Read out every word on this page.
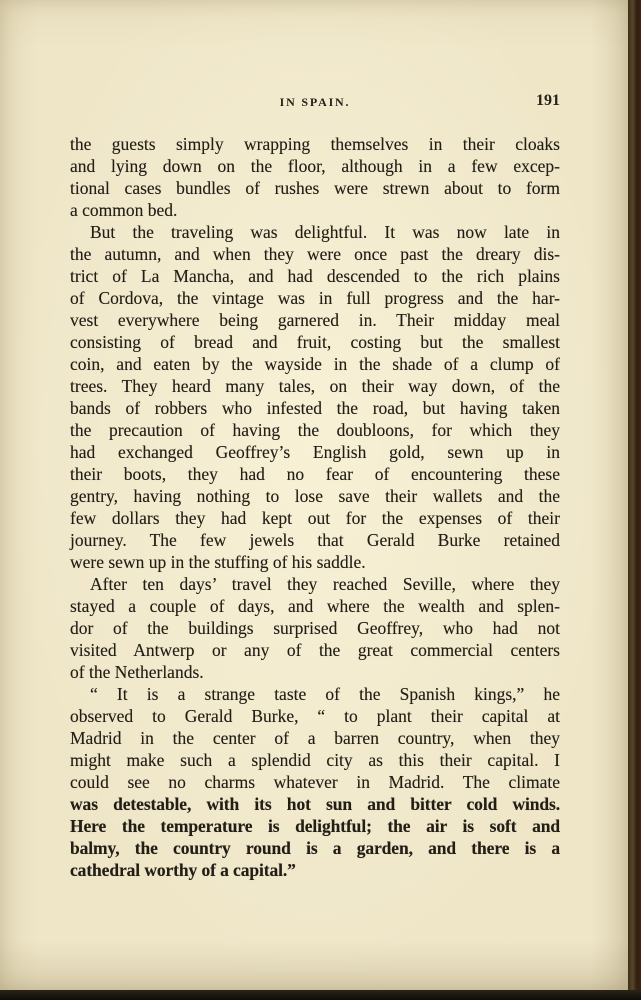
IN SPAIN.	191
the guests simply wrapping themselves in their cloaks
and lying down on the floor, although in a few excep-
tional cases bundles of rushes were strewn about to form
a common bed.
But the traveling was delightful. It was now late in
the autumn, and when they were once past the dreary dis-
trict of La Mancha, and had descended to the rich plains
of Cordova, the vintage was in full progress and the har-
vest everywhere being garnered in. Their midday meal
consisting of bread and fruit, costing but the smallest
coin, and eaten by the wayside in the shade of a clump of
trees. They heard many tales, on their way down, of the
bands of robbers who infested the road, but having taken
the precaution of having the doubloons, for which they
had exchanged Geoffrey’s English gold, sewn up in
their boots, they had no fear of encountering these
gentry, having nothing to lose save their wallets and the
few dollars they had kept out for the expenses of their
journey. The few jewels that Gerald Burke retained
were sewn up in the stuffing of his saddle.
After ten days’ travel they reached Seville, where they
stayed a couple of days, and where the wealth and splen-
dor of the buildings surprised Geoffrey, who had not
visited Antwerp or any of the great commercial centers
of the Netherlands.
“ It is a strange taste of the Spanish kings,” he
observed to Gerald Burke, “ to plant their capital at
Madrid in the center of a barren country, when they
might make such a splendid city as this their capital. I
could see no charms whatever in Madrid. The climate
was detestable, with its hot sun and bitter cold winds.
Here the temperature is delightful; the air is soft and
balmy, the country round is a garden, and there is a
cathedral worthy of a capital.”
